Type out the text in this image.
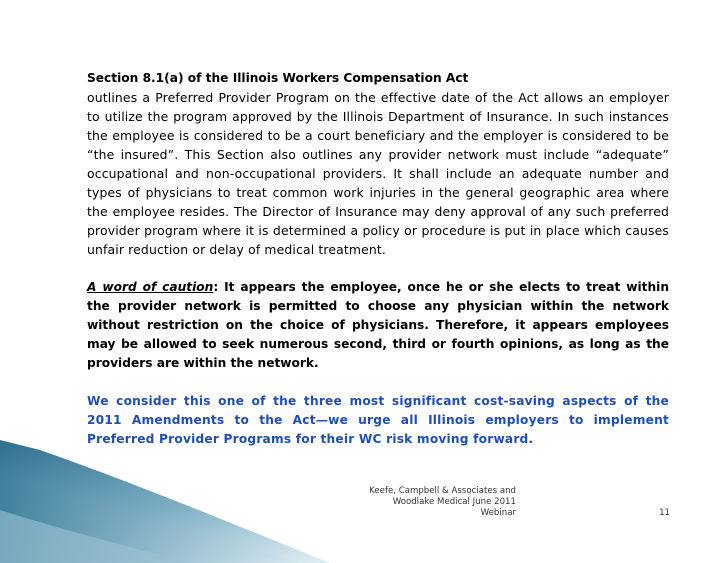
Section 8.1(a) of the Illinois Workers Compensation Act
outlines a Preferred Provider Program on the effective date of the Act allows an employer to utilize the program approved by the Illinois Department of Insurance. In such instances the employee is considered to be a court beneficiary and the employer is considered to be “the insured”. This Section also outlines any provider network must include “adequate” occupational and non-occupational providers. It shall include an adequate number and types of physicians to treat common work injuries in the general geographic area where the employee resides. The Director of Insurance may deny approval of any such preferred provider program where it is determined a policy or procedure is put in place which causes unfair reduction or delay of medical treatment.

A word of caution: It appears the employee, once he or she elects to treat within the provider network is permitted to choose any physician within the network without restriction on the choice of physicians. Therefore, it appears employees may be allowed to seek numerous second, third or fourth opinions, as long as the providers are within the network.

We consider this one of the three most significant cost-saving aspects of the 2011 Amendments to the Act—we urge all Illinois employers to implement Preferred Provider Programs for their WC risk moving forward.

Keefe, Campbell & Associates and
Woodlake Medical June 2011
Webinar	11
